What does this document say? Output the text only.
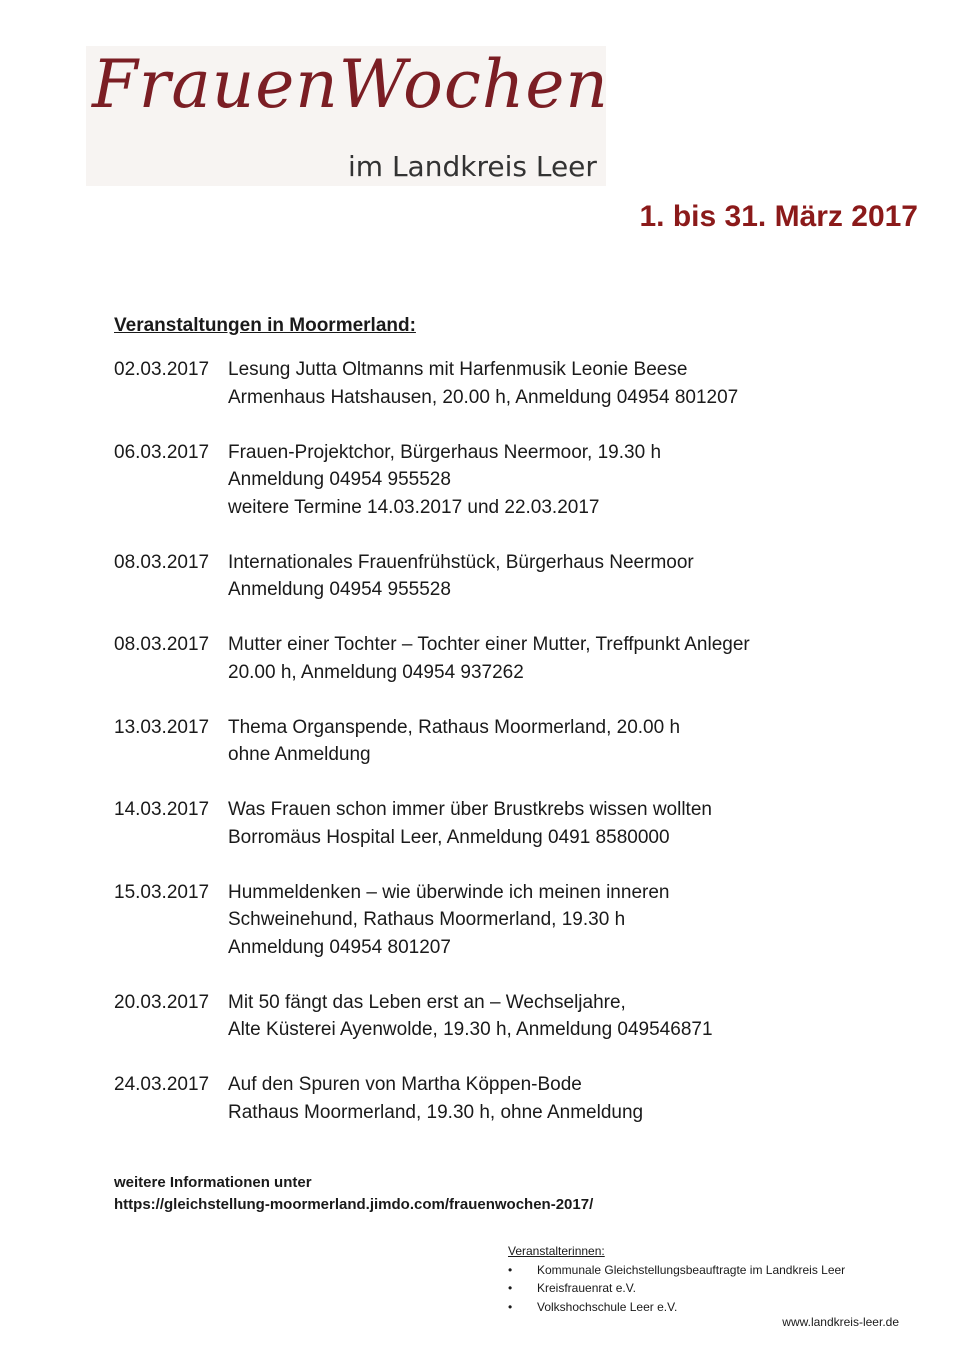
FrauenWochen
im Landkreis Leer
1. bis 31. März 2017
Veranstaltungen in Moormerland:
02.03.2017 Lesung Jutta Oltmanns mit Harfenmusik Leonie Beese
Armenhaus Hatshausen, 20.00 h, Anmeldung 04954 801207
06.03.2017 Frauen-Projektchor, Bürgerhaus Neermoor, 19.30 h
Anmeldung 04954 955528
weitere Termine 14.03.2017 und 22.03.2017
08.03.2017 Internationales Frauenfrühstück, Bürgerhaus Neermoor
Anmeldung 04954 955528
08.03.2017 Mutter einer Tochter – Tochter einer Mutter, Treffpunkt Anleger
20.00 h, Anmeldung 04954 937262
13.03.2017 Thema Organspende, Rathaus Moormerland, 20.00 h
ohne Anmeldung
14.03.2017 Was Frauen schon immer über Brustkrebs wissen wollten
Borromäus Hospital Leer, Anmeldung 0491 8580000
15.03.2017 Hummeldenken – wie überwinde ich meinen inneren
Schweinehund, Rathaus Moormerland, 19.30 h
Anmeldung 04954 801207
20.03.2017 Mit 50 fängt das Leben erst an – Wechseljahre,
Alte Küsterei Ayenwolde, 19.30 h, Anmeldung 049546871
24.03.2017 Auf den Spuren von Martha Köppen-Bode
Rathaus Moormerland, 19.30 h, ohne Anmeldung
weitere Informationen unter
https://gleichstellung-moormerland.jimdo.com/frauenwochen-2017/
Veranstalterinnen:
• Kommunale Gleichstellungsbeauftragte im Landkreis Leer
• Kreisfrauenrat e.V.
• Volkshochschule Leer e.V.
www.landkreis-leer.de
